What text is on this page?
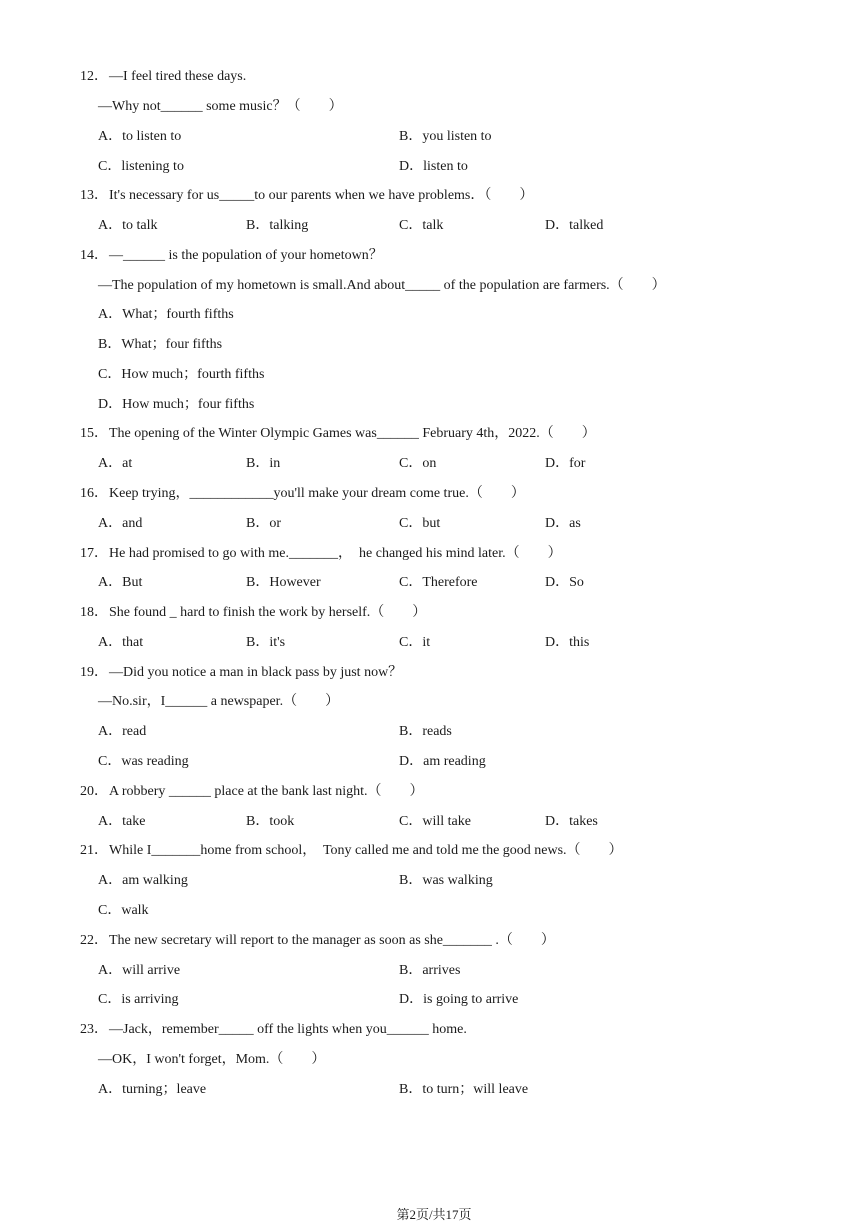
12．

—I feel tired these days.

—Why not______ some music？（　　）

A．to listen to

	B．you listen to

C．listening to

	D．listen to

13．

It's necessary for us_____to our parents when we have problems．（　　）

A．to talk

	B．talking

	C．talk

	D．talked

14．

—______ is the population of your hometown？

—The population of my hometown is small.And about_____ of the population are farmers.（　　）

A．What；fourth fifths

B．What；four fifths

C．How much；fourth fifths

D．How much；four fifths

15．

The opening of the Winter Olympic Games was______ February 4th，2022.（　　）

A．at

	B．in

	C．on

	D．for

16．

Keep trying，____________you'll make your dream come true.（　　）

A．and

	B．or

	C．but

	D．as

17．

He had promised to go with me._______，  he changed his mind later.（　　）

A．But

	B．However

	C．Therefore

	D．So

18．

She found _ hard to finish the work by herself.（　　）

A．that

	B．it's

	C．it

	D．this

19．

—Did you notice a man in black pass by just now？

—No.sir，I______ a newspaper.（　　）

A．read

	B．reads

C．was reading

	D．am reading

20．

A robbery ______ place at the bank last night.（　　）

A．take

	B．took

	C．will take

	D．takes

21．

While I_______home from school，  Tony called me and told me the good news.（　　）

A．am walking

	B．was walking

C．walk

22．

The new secretary will report to the manager as soon as she_______ .（　　）

A．will arrive

	B．arrives

C．is arriving

	D．is going to arrive

23．

—Jack，remember_____ off the lights when you______ home.

—OK，I won't forget，Mom.（　　）

A．turning；leave

	B．to turn；will leave

第2页/共17页
